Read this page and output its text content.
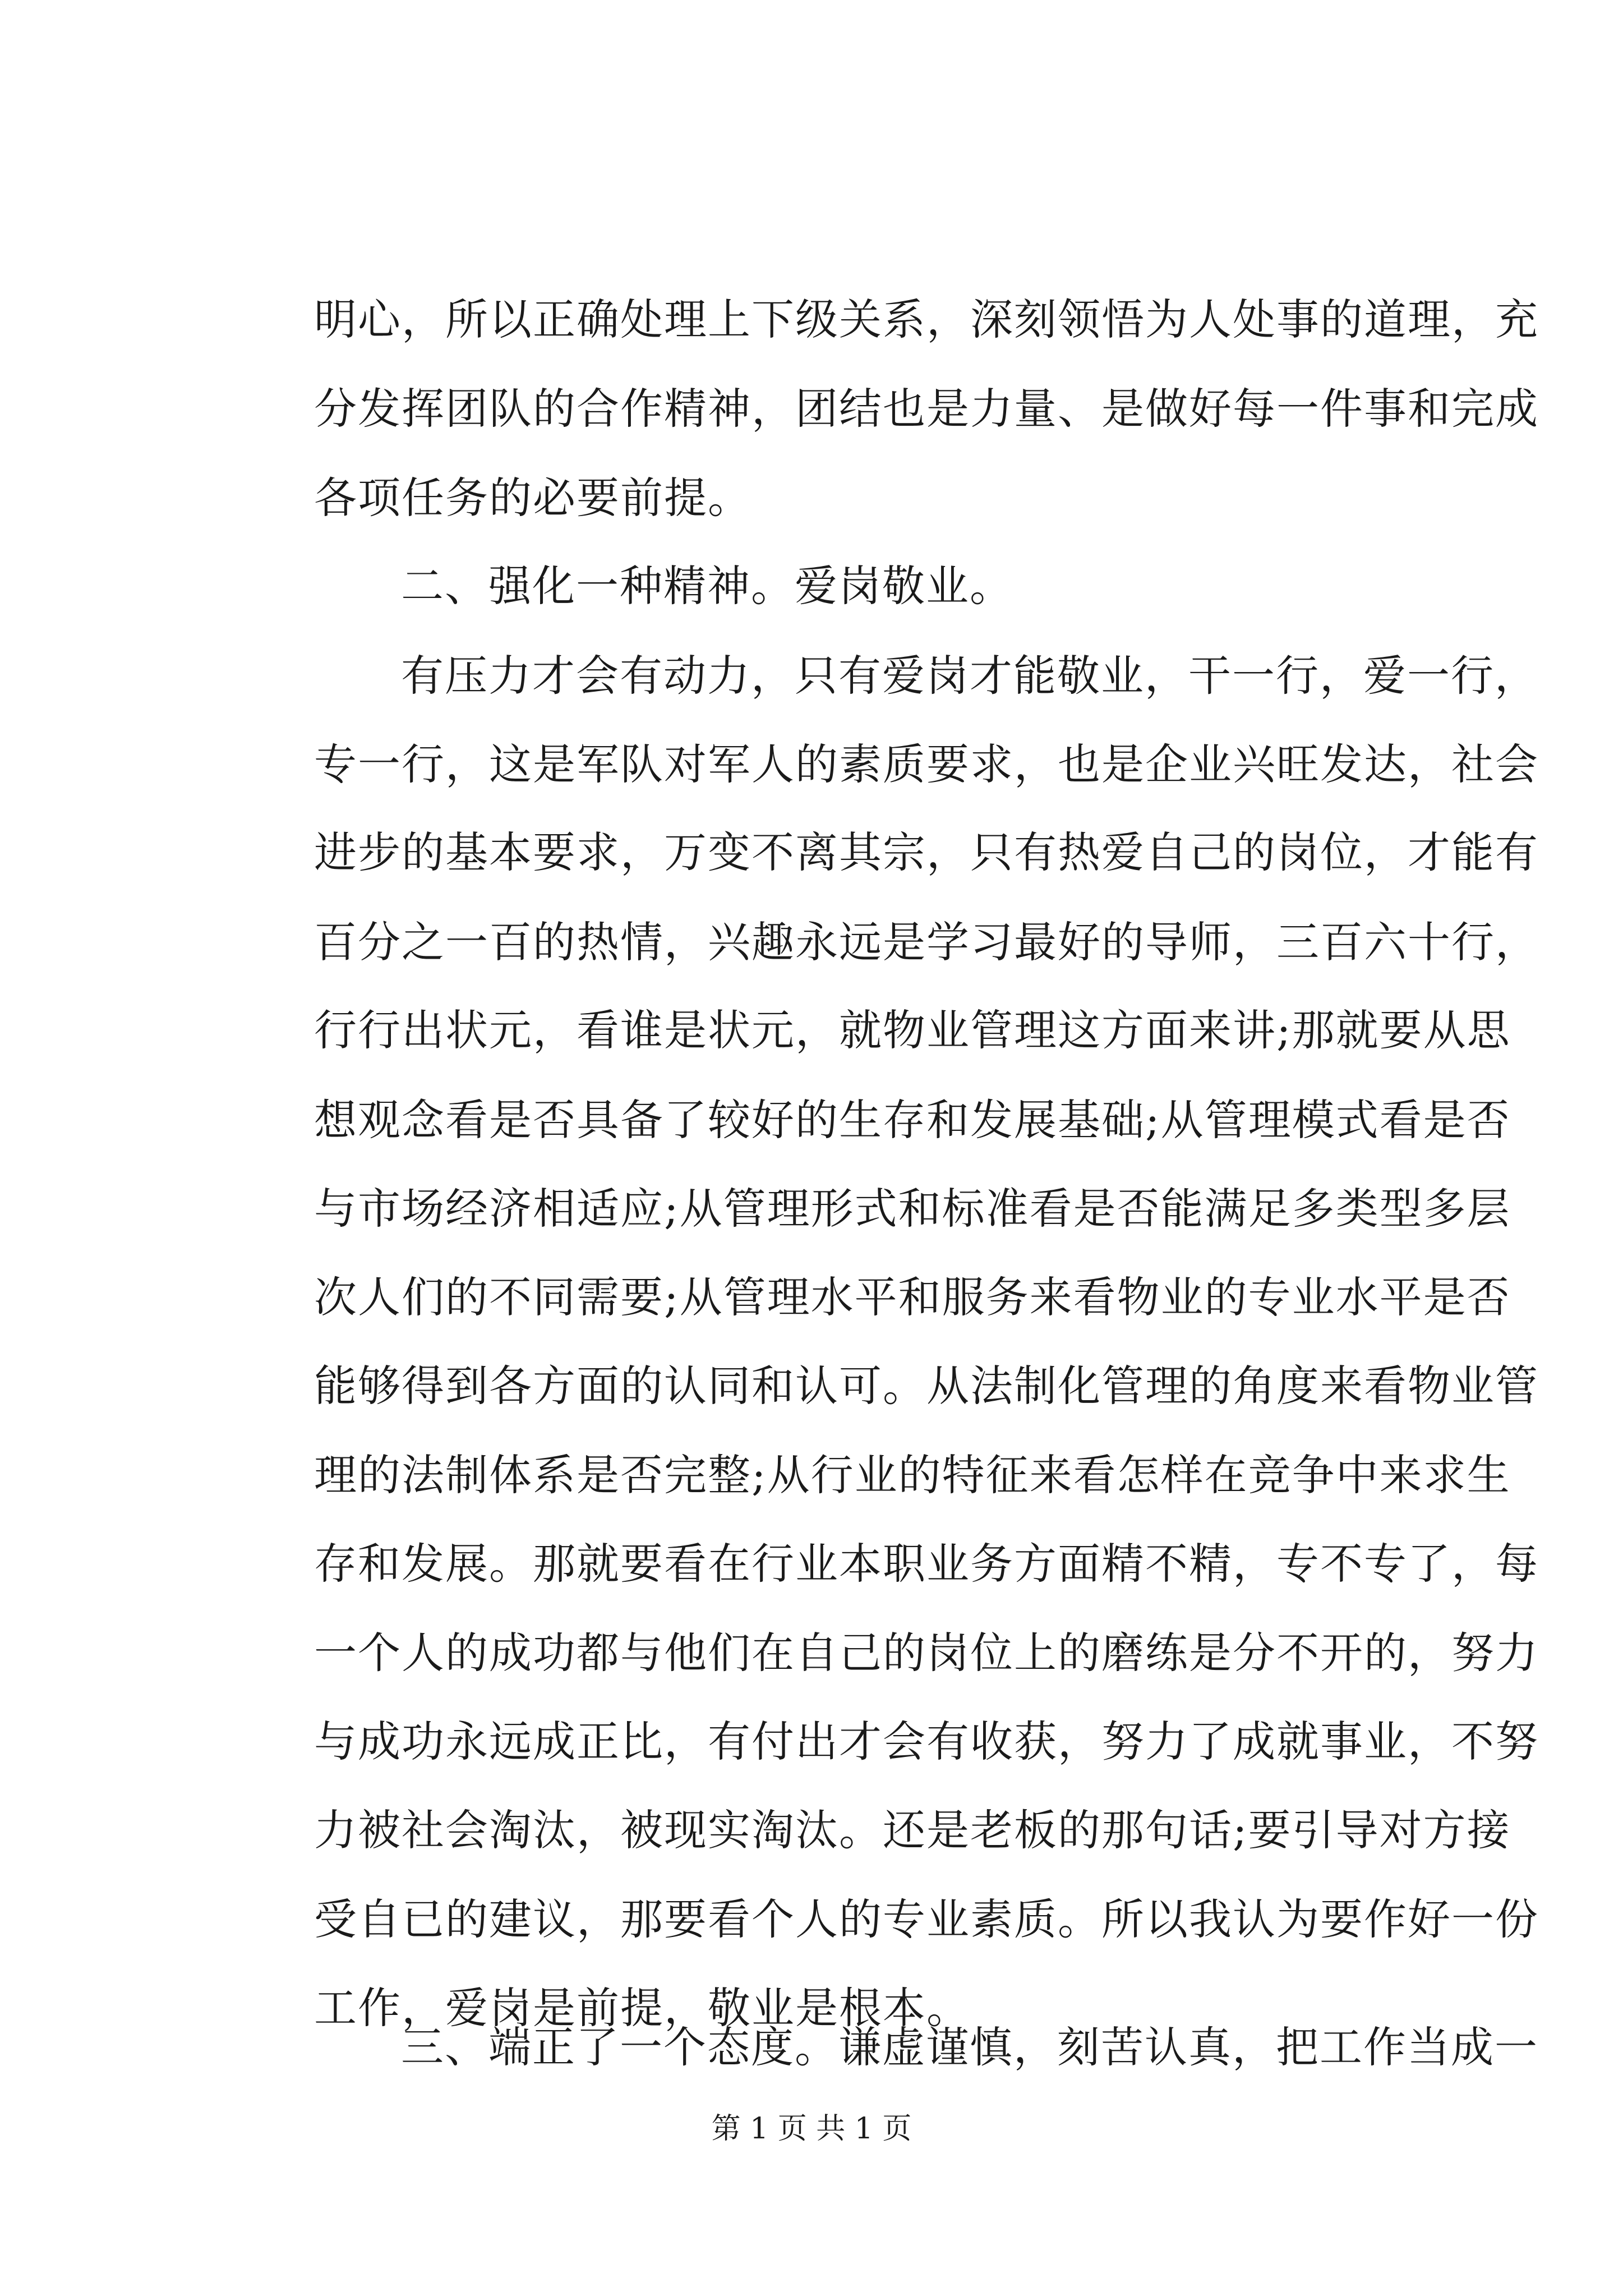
明心，所以正确处理上下级关系，深刻领悟为人处事的道理，充
分发挥团队的合作精神，团结也是力量、是做好每一件事和完成
各项任务的必要前提。
二、强化一种精神。爱岗敬业。
有压力才会有动力，只有爱岗才能敬业，干一行，爱一行，
专一行，这是军队对军人的素质要求，也是企业兴旺发达，社会
进步的基本要求，万变不离其宗，只有热爱自己的岗位，才能有
百分之一百的热情，兴趣永远是学习最好的导师，三百六十行，
行行出状元，看谁是状元，就物业管理这方面来讲;那就要从思
想观念看是否具备了较好的生存和发展基础;从管理模式看是否
与市场经济相适应;从管理形式和标准看是否能满足多类型多层
次人们的不同需要;从管理水平和服务来看物业的专业水平是否
能够得到各方面的认同和认可。从法制化管理的角度来看物业管
理的法制体系是否完整;从行业的特征来看怎样在竞争中来求生
存和发展。那就要看在行业本职业务方面精不精，专不专了，每
一个人的成功都与他们在自己的岗位上的磨练是分不开的，努力
与成功永远成正比，有付出才会有收获，努力了成就事业，不努
力被社会淘汰，被现实淘汰。还是老板的那句话;要引导对方接
受自已的建议，那要看个人的专业素质。所以我认为要作好一份
工作，爱岗是前提，敬业是根本。
三、端正了一个态度。谦虚谨慎，刻苦认真，把工作当成一
第 1 页 共 1 页
